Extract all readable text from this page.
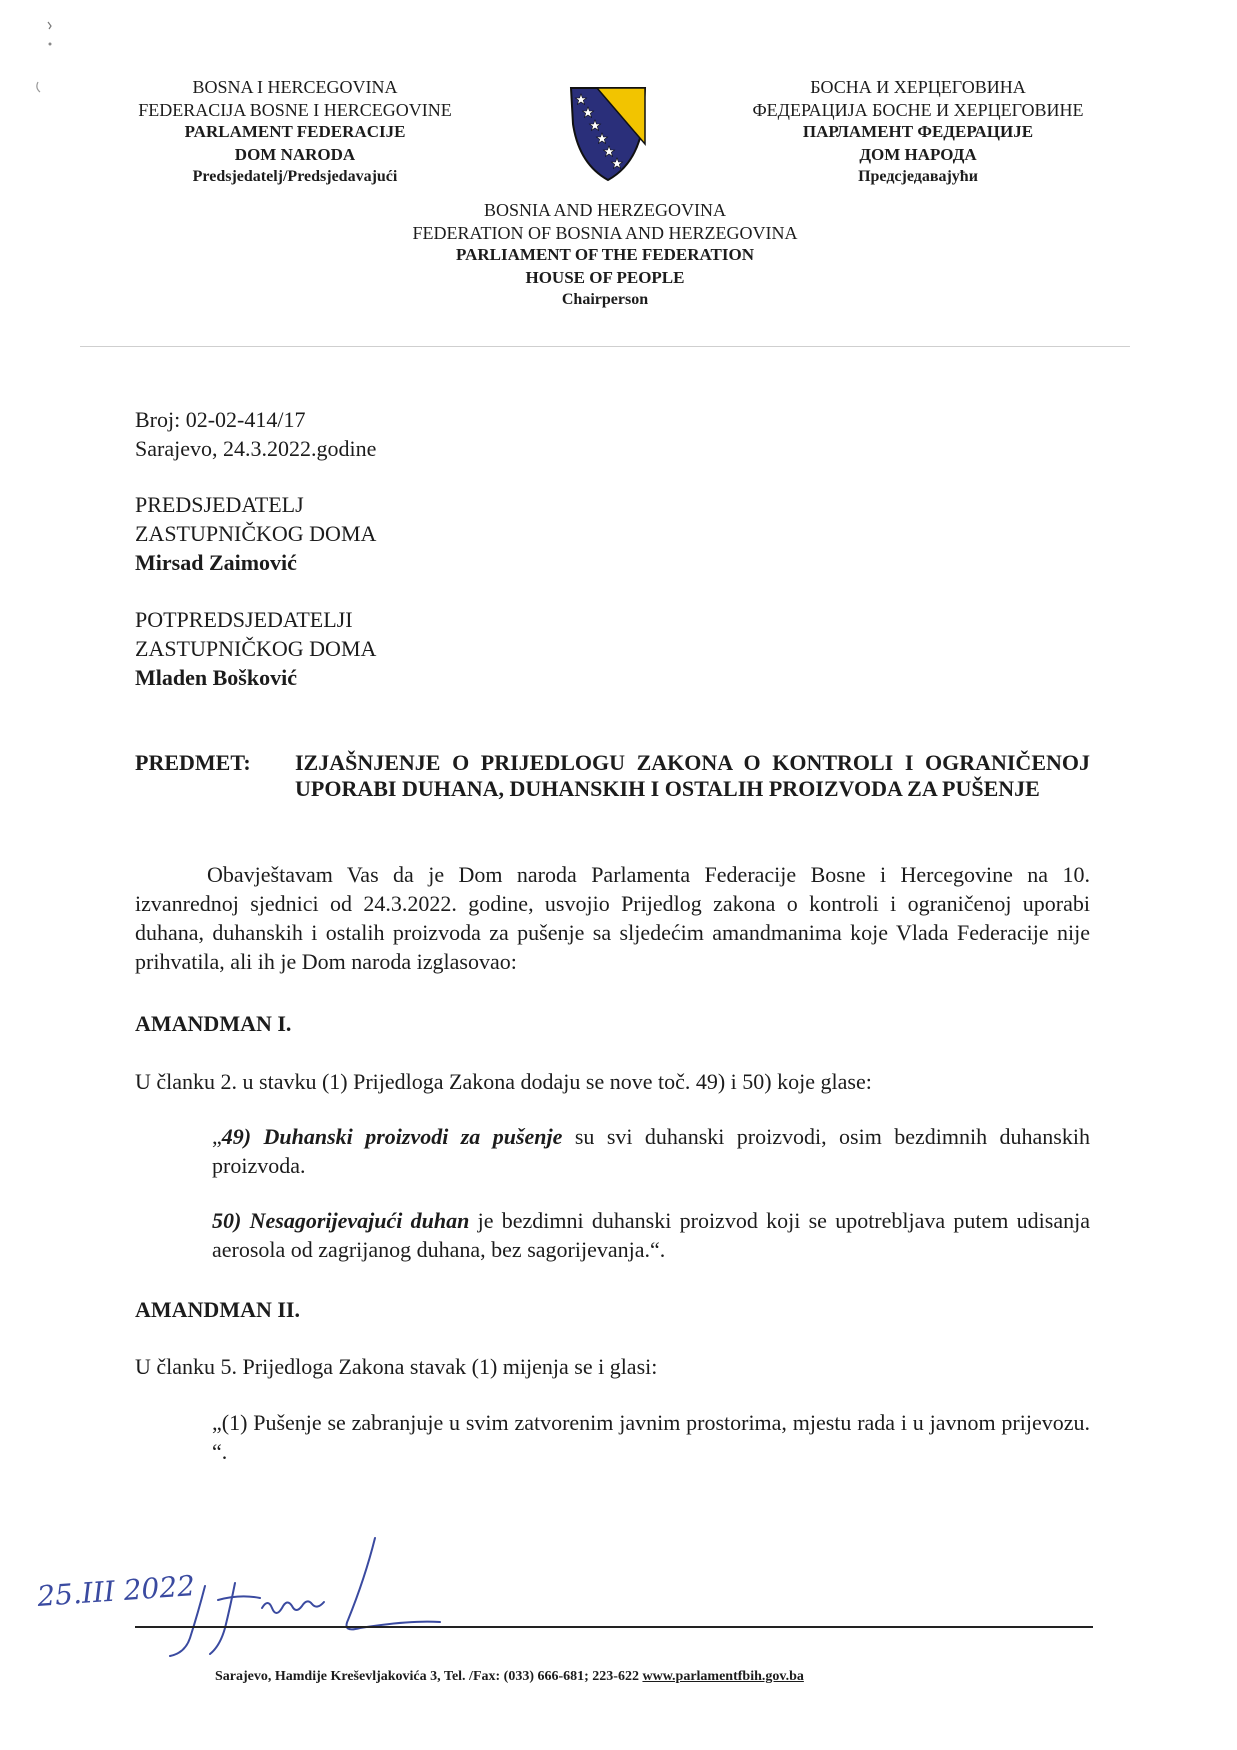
BOSNA I HERCEGOVINA
FEDERACIJA BOSNE I HERCEGOVINE
PARLAMENT FEDERACIJE
DOM NARODA
Predsjedatelj/Predsjedavajući
БОСНА И ХЕРЦЕГОВИНА
ФЕДЕРАЦИЈА БОСНЕ И ХЕРЦЕГОВИНЕ
ПАРЛАМЕНТ ФЕДЕРАЦИЈЕ
ДОМ НАРОДА
Предсједавајући
BOSNIA AND HERZEGOVINA
FEDERATION OF BOSNIA AND HERZEGOVINA
PARLIAMENT OF THE FEDERATION
HOUSE OF PEOPLE
Chairperson
Broj: 02-02-414/17
Sarajevo, 24.3.2022.godine
PREDSJEDATELJ
ZASTUPNIČKOG DOMA
Mirsad Zaimović
POTPREDSJEDATELJI
ZASTUPNIČKOG DOMA
Mladen Bošković
PREDMET: IZJAŠNJENJE O PRIJEDLOGU ZAKONA O KONTROLI I OGRANIČENOJ UPORABI DUHANA, DUHANSKIH I OSTALIH PROIZVODA ZA PUŠENJE
Obavještavam Vas da je Dom naroda Parlamenta Federacije Bosne i Hercegovine na 10. izvanrednoj sjednici od 24.3.2022. godine, usvojio Prijedlog zakona o kontroli i ograničenoj uporabi duhana, duhanskih i ostalih proizvoda za pušenje sa sljedećim amandmanima koje Vlada Federacije nije prihvatila, ali ih je Dom naroda izglasovao:
AMANDMAN I.
U članku 2. u stavku (1) Prijedloga Zakona dodaju se nove toč. 49) i 50) koje glase:
„49) Duhanski proizvodi za pušenje su svi duhanski proizvodi, osim bezdimnih duhanskih proizvoda.
50) Nesagorijevajući duhan je bezdimni duhanski proizvod koji se upotrebljava putem udisanja aerosola od zagrijanog duhana, bez sagorijevanja.“.
AMANDMAN II.
U članku 5. Prijedloga Zakona stavak (1) mijenja se i glasi:
„(1) Pušenje se zabranjuje u svim zatvorenim javnim prostorima, mjestu rada i u javnom prijevozu. “.
25.III 2022
Sarajevo, Hamdije Kreševljakovića 3, Tel. /Fax: (033) 666-681; 223-622 www.parlamentfbih.gov.ba
